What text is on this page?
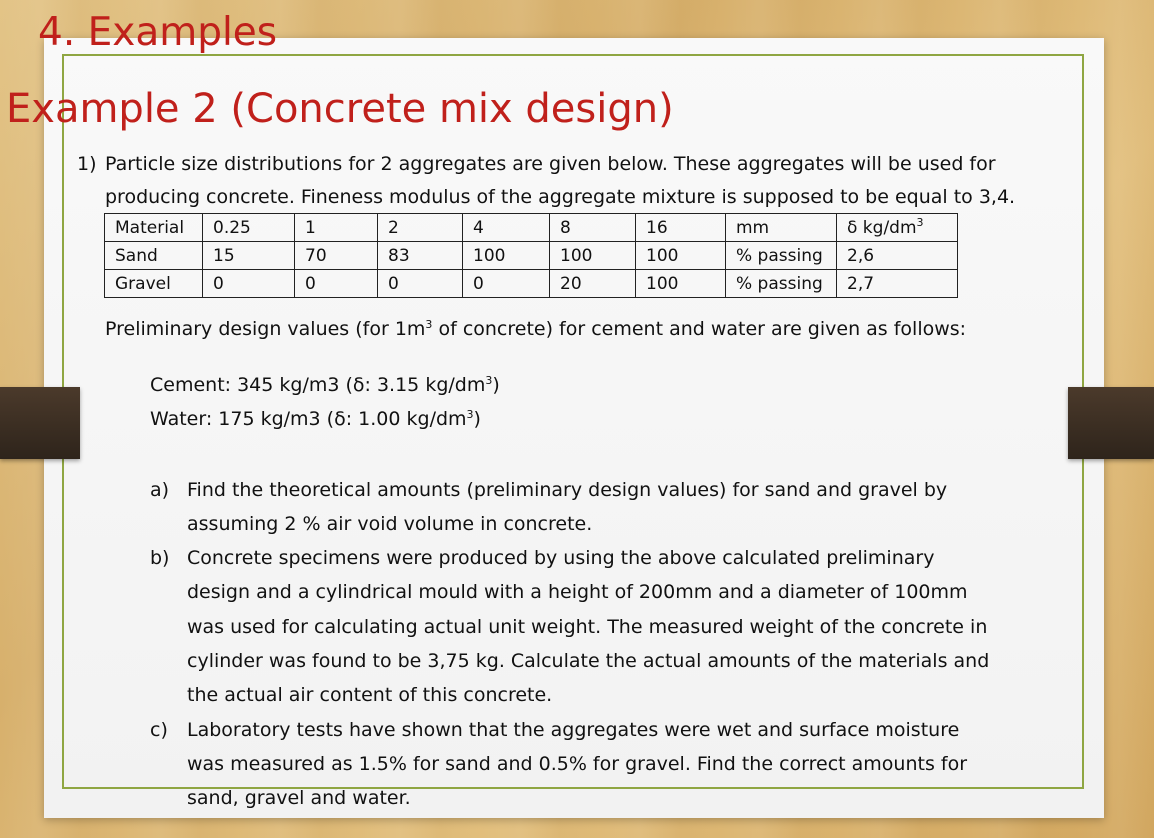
4. Examples
Example 2 (Concrete mix design)
1) Particle size distributions for 2 aggregates are given below. These aggregates will be used for
producing concrete. Fineness modulus of the aggregate mixture is supposed to be equal to 3,4.
Material	0.25	1	2	4	8	16	mm	δ $kg/dm^3$
Sand	15	70	83	100	100	100	% passing	2,6
Gravel	0	0	0	0	20	100	% passing	2,7
Preliminary design values (for $1m^3$ of concrete) for cement and water are given as follows:
Cement: 345 kg/m3 (δ: 3.15 $kg/dm^3$)
Water: 175 kg/m3 (δ: 1.00 $kg/dm^3$)
a) Find the theoretical amounts (preliminary design values) for sand and gravel by
assuming 2 % air void volume in concrete.
b) Concrete specimens were produced by using the above calculated preliminary
design and a cylindrical mould with a height of 200mm and a diameter of 100mm
was used for calculating actual unit weight. The measured weight of the concrete in
cylinder was found to be 3,75 kg. Calculate the actual amounts of the materials and
the actual air content of this concrete.
c) Laboratory tests have shown that the aggregates were wet and surface moisture
was measured as 1.5% for sand and 0.5% for gravel. Find the correct amounts for
sand, gravel and water.
